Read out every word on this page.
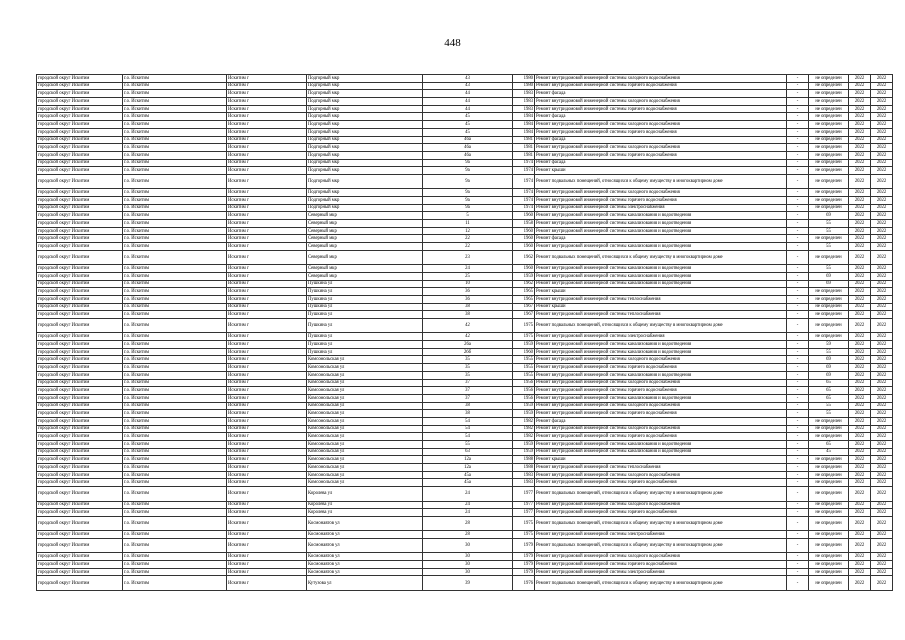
448
городской округ Искитим	г.о. Искитим	Искитим г	Подгорный мкр	43	1980	Ремонт внутридомовой инженерной системы холодного водоснабжения	-	не определен	2022	2022
городской округ Искитим	г.о. Искитим	Искитим г	Подгорный мкр	43	1980	Ремонт внутридомовой инженерной системы горячего водоснабжения	-	не определен	2022	2022
городской округ Искитим	г.о. Искитим	Искитим г	Подгорный мкр	44	1983	Ремонт фасада	-	не определен	2022	2022
городской округ Искитим	г.о. Искитим	Искитим г	Подгорный мкр	44	1983	Ремонт внутридомовой инженерной системы холодного водоснабжения	-	не определен	2022	2022
городской округ Искитим	г.о. Искитим	Искитим г	Подгорный мкр	44	1983	Ремонт внутридомовой инженерной системы горячего водоснабжения	-	не определен	2022	2022
городской округ Искитим	г.о. Искитим	Искитим г	Подгорный мкр	45	1984	Ремонт фасада	-	не определен	2022	2022
городской округ Искитим	г.о. Искитим	Искитим г	Подгорный мкр	45	1984	Ремонт внутридомовой инженерной системы холодного водоснабжения	-	не определен	2022	2022
городской округ Искитим	г.о. Искитим	Искитим г	Подгорный мкр	45	1984	Ремонт внутридомовой инженерной системы горячего водоснабжения	-	не определен	2022	2022
городской округ Искитим	г.о. Искитим	Искитим г	Подгорный мкр	46а	1981	Ремонт фасада	-	не определен	2022	2022
городской округ Искитим	г.о. Искитим	Искитим г	Подгорный мкр	46а	1981	Ремонт внутридомовой инженерной системы холодного водоснабжения	-	не определен	2022	2022
городской округ Искитим	г.о. Искитим	Искитим г	Подгорный мкр	46а	1981	Ремонт внутридомовой инженерной системы горячего водоснабжения	-	не определен	2022	2022
городской округ Искитим	г.о. Искитим	Искитим г	Подгорный мкр	9а	1974	Ремонт фасада	-	не определен	2022	2022
городской округ Искитим	г.о. Искитим	Искитим г	Подгорный мкр	9а	1974	Ремонт крыши	-	не определен	2022	2022
городской округ Искитим	г.о. Искитим	Искитим г	Подгорный мкр	9а	1974	Ремонт подвальных помещений, относящихся к общему имуществу в многоквартирном доме	-	не определен	2022	2022
городской округ Искитим	г.о. Искитим	Искитим г	Подгорный мкр	9а	1974	Ремонт внутридомовой инженерной системы холодного водоснабжения	-	не определен	2022	2022
городской округ Искитим	г.о. Искитим	Искитим г	Подгорный мкр	9а	1974	Ремонт внутридомовой инженерной системы горячего водоснабжения	-	не определен	2022	2022
городской округ Искитим	г.о. Искитим	Искитим г	Подгорный мкр	9а	1974	Ремонт внутридомовой инженерной системы электроснабжения	-	не определен	2022	2022
городской округ Искитим	г.о. Искитим	Искитим г	Северный мкр	5	1960	Ремонт внутридомовой инженерной системы канализования и водоотведения	-	69	2022	2022
городской округ Искитим	г.о. Искитим	Искитим г	Северный мкр	11	1958	Ремонт внутридомовой инженерной системы канализования и водоотведения	-	55	2022	2022
городской округ Искитим	г.о. Искитим	Искитим г	Северный мкр	12	1960	Ремонт внутридомовой инженерной системы канализования и водоотведения	-	55	2022	2022
городской округ Искитим	г.о. Искитим	Искитим г	Северный мкр	22	1960	Ремонт фасада	-	не определен	2022	2022
городской округ Искитим	г.о. Искитим	Искитим г	Северный мкр	22	1960	Ремонт внутридомовой инженерной системы канализования и водоотведения	-	55	2022	2022
городской округ Искитим	г.о. Искитим	Искитим г	Северный мкр	23	1962	Ремонт подвальных помещений, относящихся к общему имуществу в многоквартирном доме	-	не определен	2022	2022
городской округ Искитим	г.о. Искитим	Искитим г	Северный мкр	24	1960	Ремонт внутридомовой инженерной системы канализования и водоотведения	-	55	2022	2022
городской округ Искитим	г.о. Искитим	Искитим г	Северный мкр	25	1959	Ремонт внутридомовой инженерной системы канализования и водоотведения	-	69	2022	2022
городской округ Искитим	г.о. Искитим	Искитим г	Пушкина ул	10	1962	Ремонт внутридомовой инженерной системы канализования и водоотведения	-	69	2022	2022
городской округ Искитим	г.о. Искитим	Искитим г	Пушкина ул	36	1965	Ремонт крыши	-	не определен	2022	2022
городской округ Искитим	г.о. Искитим	Искитим г	Пушкина ул	36	1965	Ремонт внутридомовой инженерной системы теплоснабжения	-	не определен	2022	2022
городской округ Искитим	г.о. Искитим	Искитим г	Пушкина ул	38	1967	Ремонт крыши	-	не определен	2022	2022
городской округ Искитим	г.о. Искитим	Искитим г	Пушкина ул	38	1967	Ремонт внутридомовой инженерной системы теплоснабжения	-	не определен	2022	2022
городской округ Искитим	г.о. Искитим	Искитим г	Пушкина ул	42	1975	Ремонт подвальных помещений, относящихся к общему имуществу в многоквартирном доме	-	не определен	2022	2022
городской округ Искитим	г.о. Искитим	Искитим г	Пушкина ул	42	1975	Ремонт внутридомовой инженерной системы электроснабжения	-	не определен	2022	2022
городской округ Искитим	г.о. Искитим	Искитим г	Пушкина ул	26а	1959	Ремонт внутридомовой инженерной системы канализования и водоотведения	-	59	2022	2022
городской округ Искитим	г.о. Искитим	Искитим г	Пушкина ул	26б	1960	Ремонт внутридомовой инженерной системы канализования и водоотведения	-	55	2022	2022
городской округ Искитим	г.о. Искитим	Искитим г	Комсомольская ул	35	1955	Ремонт внутридомовой инженерной системы холодного водоснабжения	-	69	2022	2022
городской округ Искитим	г.о. Искитим	Искитим г	Комсомольская ул	35	1955	Ремонт внутридомовой инженерной системы горячего водоснабжения	-	69	2022	2022
городской округ Искитим	г.о. Искитим	Искитим г	Комсомольская ул	35	1955	Ремонт внутридомовой инженерной системы канализования и водоотведения	-	69	2022	2022
городской округ Искитим	г.о. Искитим	Искитим г	Комсомольская ул	37	1956	Ремонт внутридомовой инженерной системы холодного водоснабжения	-	65	2022	2022
городской округ Искитим	г.о. Искитим	Искитим г	Комсомольская ул	37	1956	Ремонт внутридомовой инженерной системы горячего водоснабжения	-	65	2022	2022
городской округ Искитим	г.о. Искитим	Искитим г	Комсомольская ул	37	1956	Ремонт внутридомовой инженерной системы канализования и водоотведения	-	65	2022	2022
городской округ Искитим	г.о. Искитим	Искитим г	Комсомольская ул	38	1959	Ремонт внутридомовой инженерной системы холодного водоснабжения	-	55	2022	2022
городской округ Искитим	г.о. Искитим	Искитим г	Комсомольская ул	38	1959	Ремонт внутридомовой инженерной системы горячего водоснабжения	-	55	2022	2022
городской округ Искитим	г.о. Искитим	Искитим г	Комсомольская ул	54	1982	Ремонт фасада	-	не определен	2022	2022
городской округ Искитим	г.о. Искитим	Искитим г	Комсомольская ул	54	1982	Ремонт внутридомовой инженерной системы холодного водоснабжения	-	не определен	2022	2022
городской округ Искитим	г.о. Искитим	Искитим г	Комсомольская ул	54	1982	Ремонт внутридомовой инженерной системы горячего водоснабжения	-	не определен	2022	2022
городской округ Искитим	г.о. Искитим	Искитим г	Комсомольская ул	55	1959	Ремонт внутридомовой инженерной системы канализования и водоотведения	-	65	2022	2022
городской округ Искитим	г.о. Искитим	Искитим г	Комсомольская ул	63	1959	Ремонт внутридомовой инженерной системы канализования и водоотведения	-	45	2022	2022
городской округ Искитим	г.о. Искитим	Искитим г	Комсомольская ул	12а	1988	Ремонт крыши	-	не определен	2022	2022
городской округ Искитим	г.о. Искитим	Искитим г	Комсомольская ул	12а	1988	Ремонт внутридомовой инженерной системы теплоснабжения	-	не определен	2022	2022
городской округ Искитим	г.о. Искитим	Искитим г	Комсомольская ул	45а	1983	Ремонт внутридомовой инженерной системы холодного водоснабжения	-	не определен	2022	2022
городской округ Искитим	г.о. Искитим	Искитим г	Комсомольская ул	45а	1983	Ремонт внутридомовой инженерной системы горячего водоснабжения	-	не определен	2022	2022
городской округ Искитим	г.о. Искитим	Искитим г	Королева ул	24	1977	Ремонт подвальных помещений, относящихся к общему имуществу в многоквартирном доме	-	не определен	2022	2022
городской округ Искитим	г.о. Искитим	Искитим г	Королева ул	24	1977	Ремонт внутридомовой инженерной системы холодного водоснабжения	-	не определен	2022	2022
городской округ Искитим	г.о. Искитим	Искитим г	Королева ул	24	1977	Ремонт внутридомовой инженерной системы горячего водоснабжения	-	не определен	2022	2022
городской округ Искитим	г.о. Искитим	Искитим г	Космонавтов ул	28	1975	Ремонт подвальных помещений, относящихся к общему имуществу в многоквартирном доме	-	не определен	2022	2022
городской округ Искитим	г.о. Искитим	Искитим г	Космонавтов ул	28	1975	Ремонт внутридомовой инженерной системы электроснабжения	-	не определен	2022	2022
городской округ Искитим	г.о. Искитим	Искитим г	Космонавтов ул	30	1979	Ремонт подвальных помещений, относящихся к общему имуществу в многоквартирном доме	-	не определен	2022	2022
городской округ Искитим	г.о. Искитим	Искитим г	Космонавтов ул	30	1979	Ремонт внутридомовой инженерной системы холодного водоснабжения	-	не определен	2022	2022
городской округ Искитим	г.о. Искитим	Искитим г	Космонавтов ул	30	1979	Ремонт внутридомовой инженерной системы горячего водоснабжения	-	не определен	2022	2022
городской округ Искитим	г.о. Искитим	Искитим г	Космонавтов ул	30	1979	Ремонт внутридомовой инженерной системы электроснабжения	-	не определен	2022	2022
городской округ Искитим	г.о. Искитим	Искитим г	Кутузова ул	39	1976	Ремонт подвальных помещений, относящихся к общему имуществу в многоквартирном доме	-	не определен	2022	2022
